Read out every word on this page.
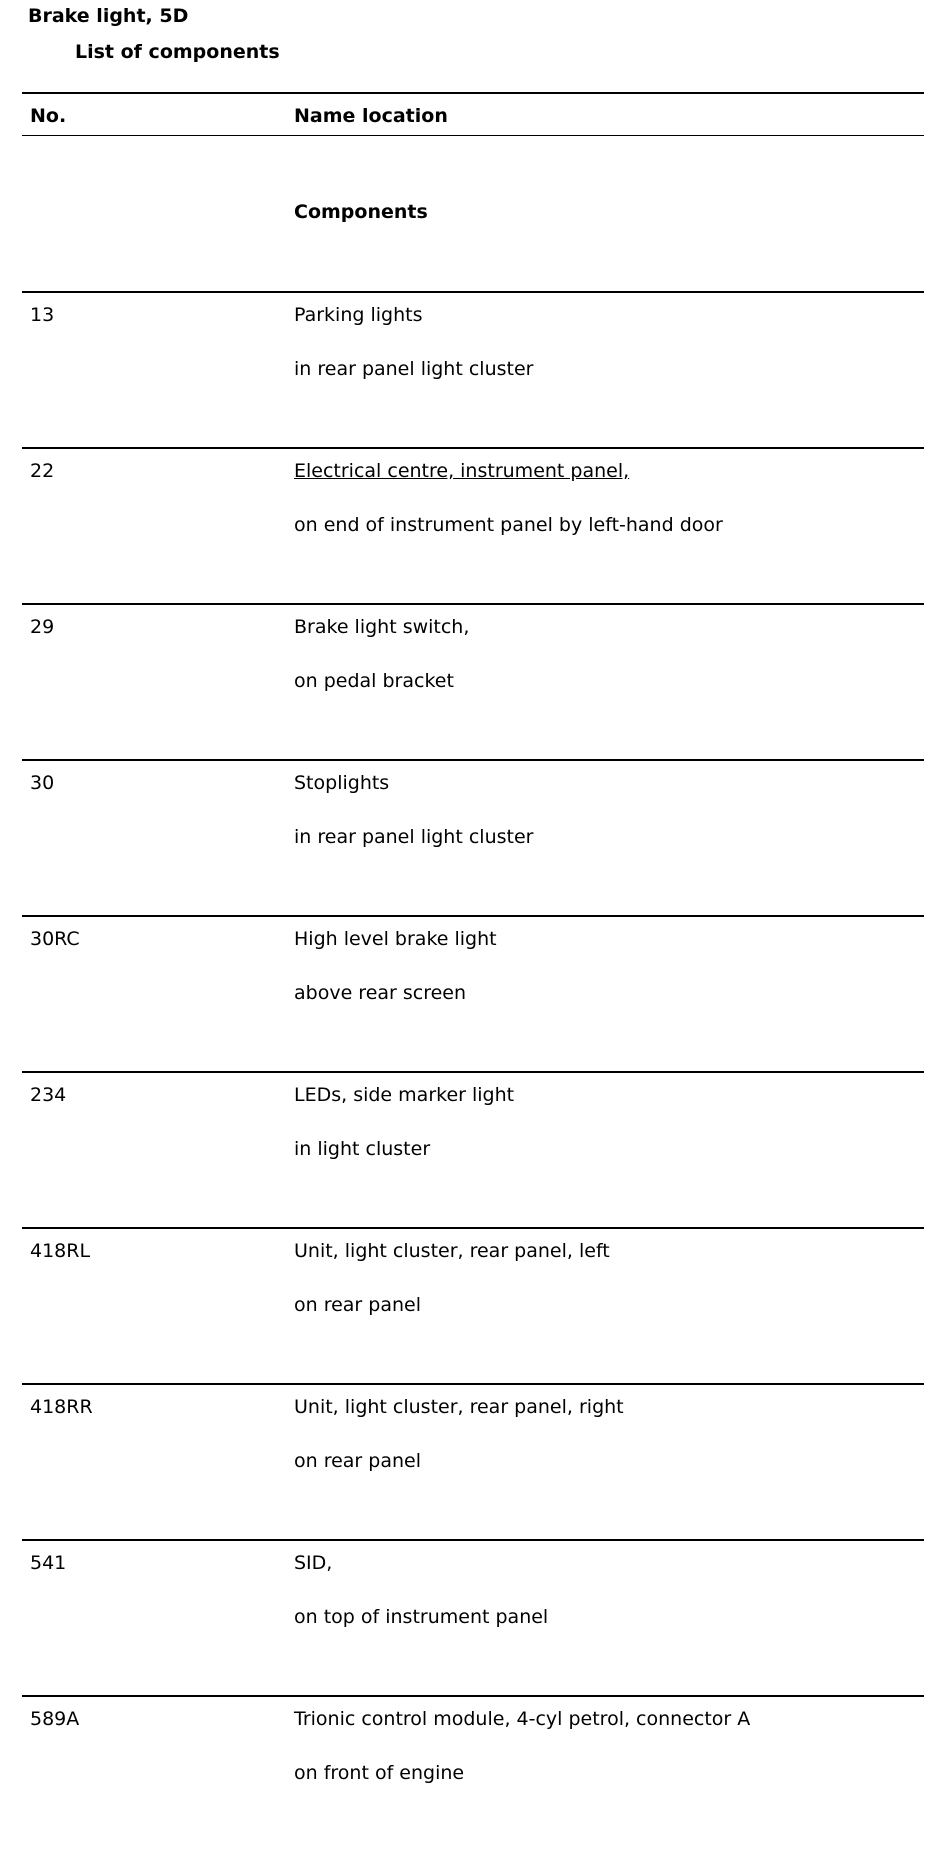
Brake light, 5D
List of components
No.	Name location
Components
13	Parking lights
in rear panel light cluster
22	Electrical centre, instrument panel,
on end of instrument panel by left-hand door
29	Brake light switch,
on pedal bracket
30	Stoplights
in rear panel light cluster
30RC	High level brake light
above rear screen
234	LEDs, side marker light
in light cluster
418RL	Unit, light cluster, rear panel, left
on rear panel
418RR	Unit, light cluster, rear panel, right
on rear panel
541	SID,
on top of instrument panel
589A	Trionic control module, 4-cyl petrol, connector A
on front of engine
